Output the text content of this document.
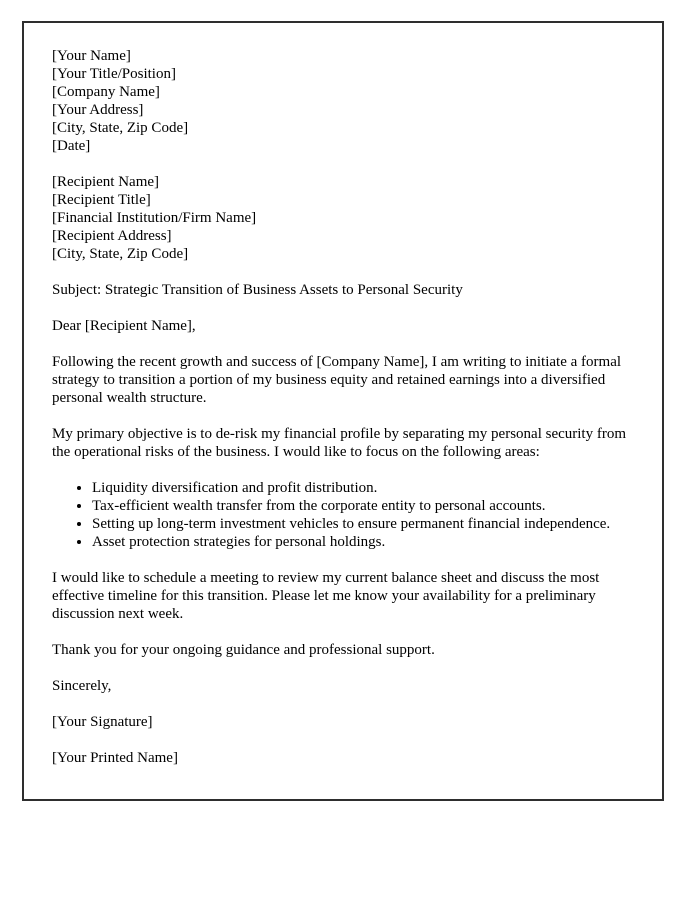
[Your Name]
[Your Title/Position]
[Company Name]
[Your Address]
[City, State, Zip Code]
[Date]
[Recipient Name]
[Recipient Title]
[Financial Institution/Firm Name]
[Recipient Address]
[City, State, Zip Code]

Subject: Strategic Transition of Business Assets to Personal Security

Dear [Recipient Name],

Following the recent growth and success of [Company Name], I am writing to initiate a formal strategy to transition a portion of my business equity and retained earnings into a diversified personal wealth structure.

My primary objective is to de-risk my financial profile by separating my personal security from the operational risks of the business. I would like to focus on the following areas:

• Liquidity diversification and profit distribution.
• Tax-efficient wealth transfer from the corporate entity to personal accounts.
• Setting up long-term investment vehicles to ensure permanent financial independence.
• Asset protection strategies for personal holdings.

I would like to schedule a meeting to review my current balance sheet and discuss the most effective timeline for this transition. Please let me know your availability for a preliminary discussion next week.

Thank you for your ongoing guidance and professional support.

Sincerely,

[Your Signature]

[Your Printed Name]
